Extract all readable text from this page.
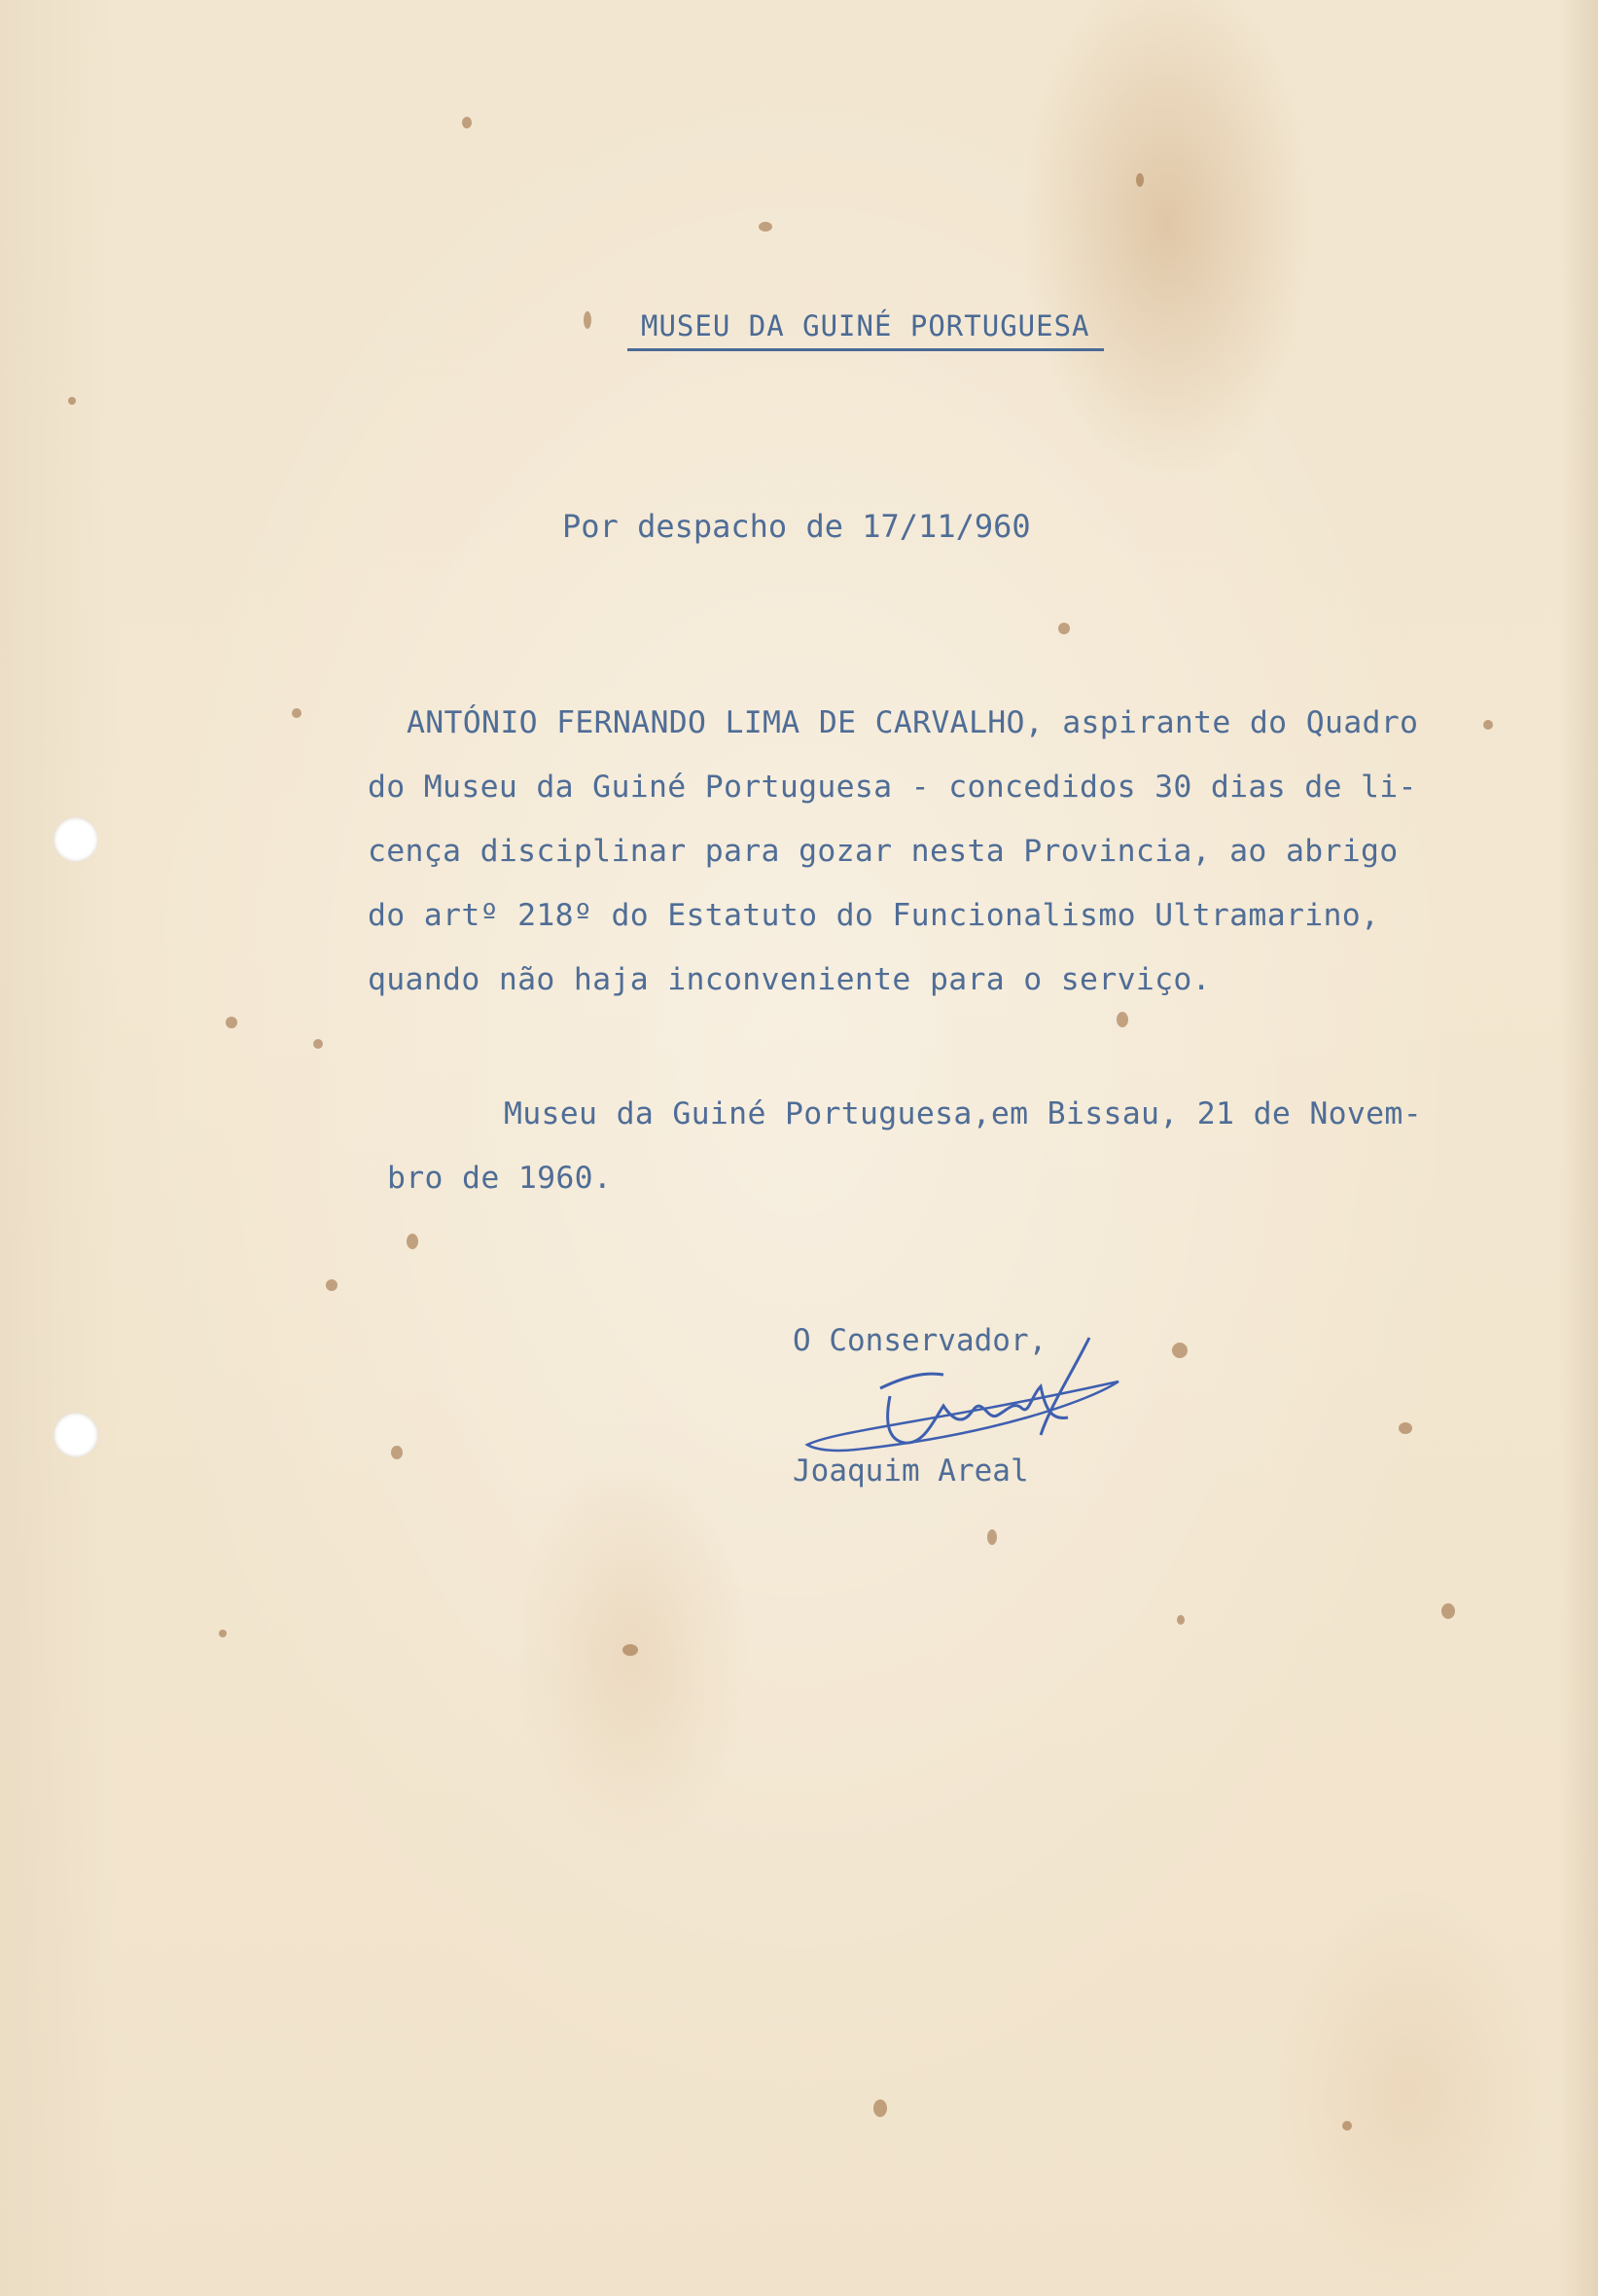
MUSEU DA GUINÉ PORTUGUESA
Por despacho de 17/11/960
ANTÓNIO FERNANDO LIMA DE CARVALHO, aspirante do Quadro
do Museu da Guiné Portuguesa - concedidos 30 dias de li-
cença disciplinar para gozar nesta Provincia, ao abrigo
do artº 218º do Estatuto do Funcionalismo Ultramarino,
quando não haja inconveniente para o serviço.
Museu da Guiné Portuguesa,em Bissau, 21 de Novem-
bro de 1960.
O Conservador,
Joaquim Areal
